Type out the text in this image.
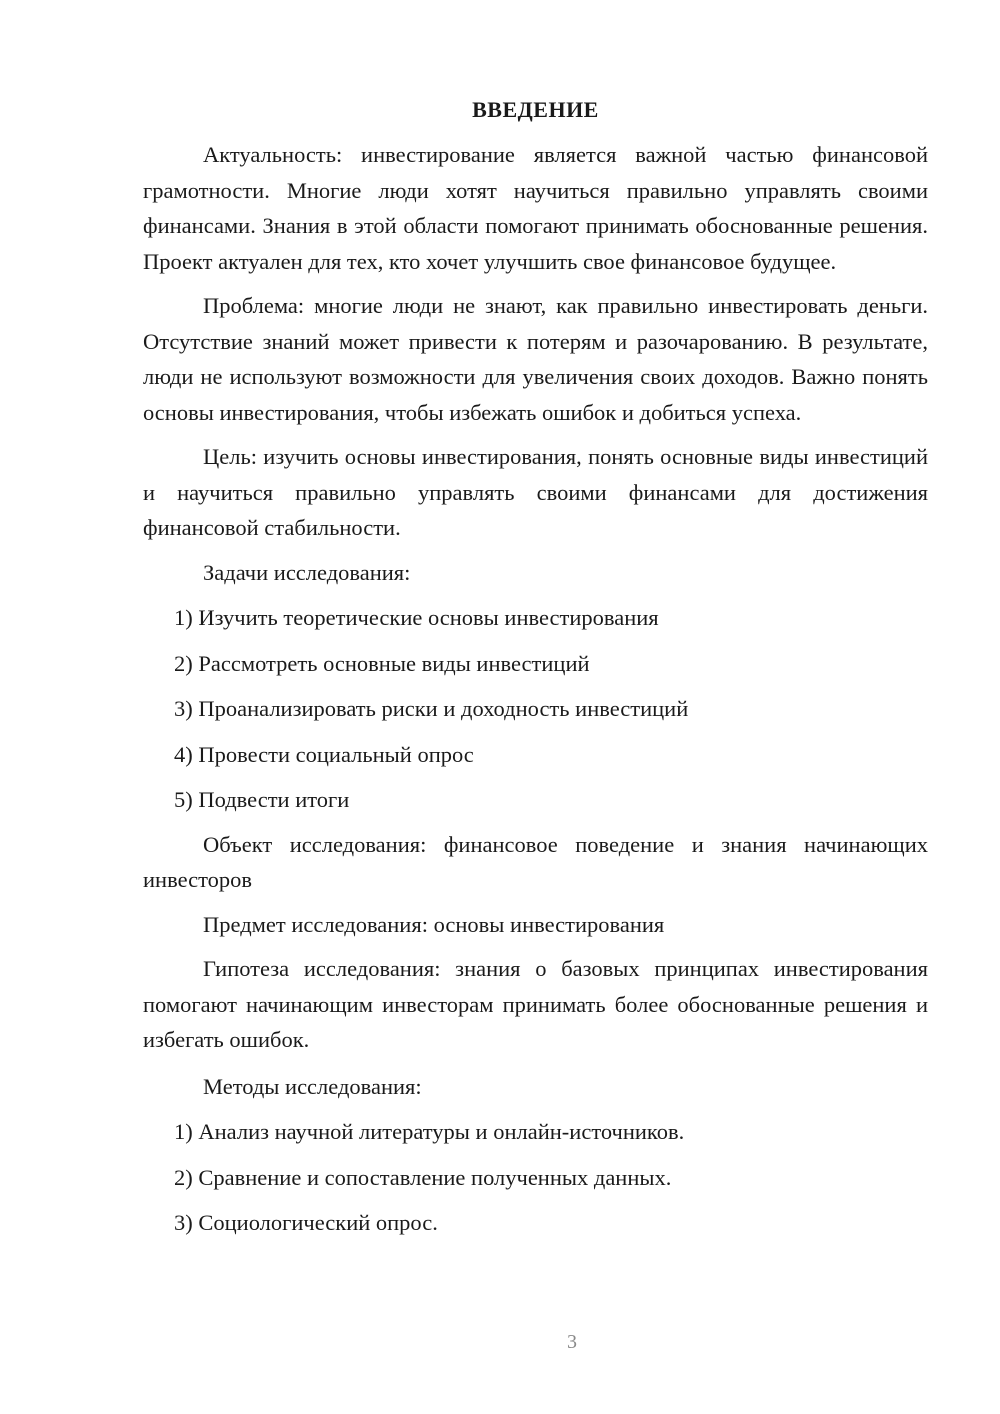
ВВЕДЕНИЕ

Актуальность: инвестирование является важной частью финансовой грамотности. Многие люди хотят научиться правильно управлять своими финансами. Знания в этой области помогают принимать обоснованные решения. Проект актуален для тех, кто хочет улучшить свое финансовое будущее.

Проблема: многие люди не знают, как правильно инвестировать деньги. Отсутствие знаний может привести к потерям и разочарованию. В результате, люди не используют возможности для увеличения своих доходов. Важно понять основы инвестирования, чтобы избежать ошибок и добиться успеха.

Цель: изучить основы инвестирования, понять основные виды инвестиций и научиться правильно управлять своими финансами для достижения финансовой стабильности.

Задачи исследования:

1) Изучить теоретические основы инвестирования

2) Рассмотреть основные виды инвестиций

3) Проанализировать риски и доходность инвестиций

4) Провести социальный опрос

5) Подвести итоги

Объект исследования: финансовое поведение и знания начинающих инвесторов

Предмет исследования: основы инвестирования

Гипотеза исследования: знания о базовых принципах инвестирования помогают начинающим инвесторам принимать более обоснованные решения и избегать ошибок.

Методы исследования:

1) Анализ научной литературы и онлайн-источников.

2) Сравнение и сопоставление полученных данных.

3) Социологический опрос.

3
